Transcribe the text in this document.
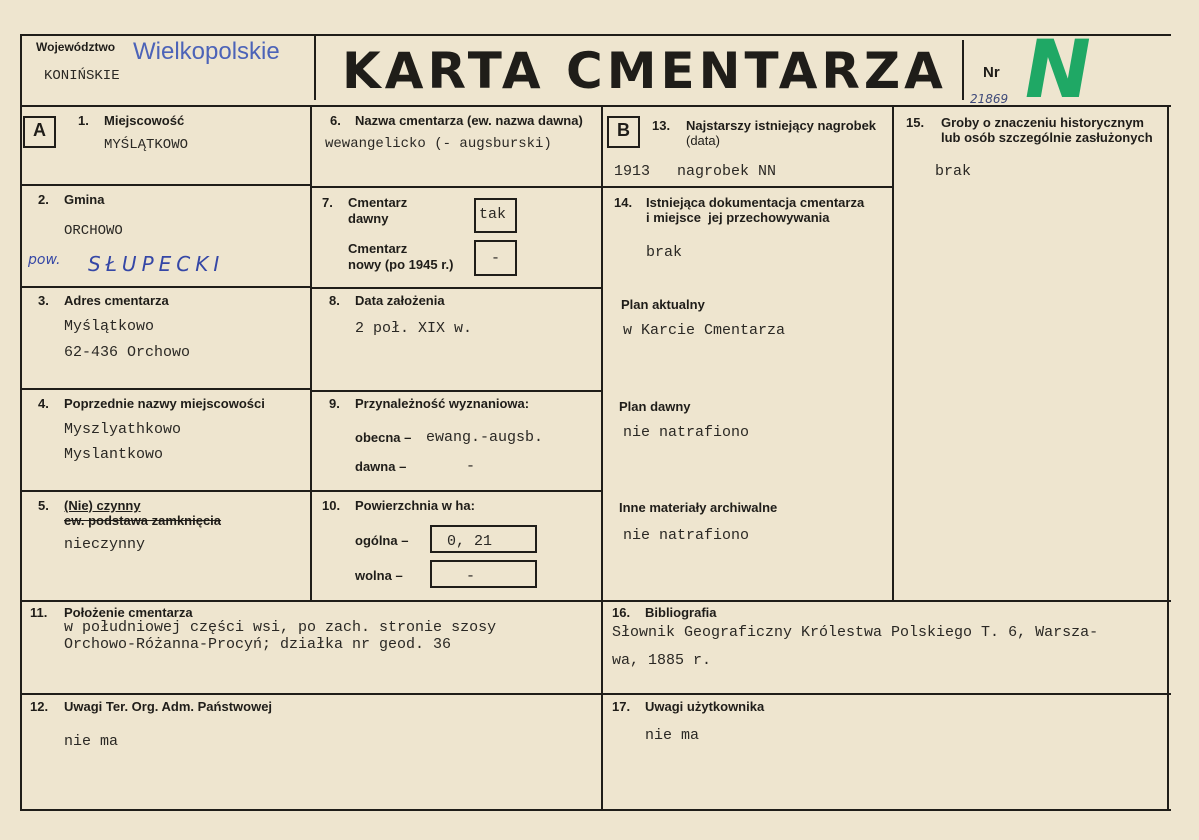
Województwo Wielkopolskie
KONIŃSKIE	KARTA CMENTARZA Nr N
21869
A 1. Miejscowość
MYŚLĄTKOWO
2. Gmina
ORCHOWO
pow. SŁUPECKI
3. Adres cmentarza
Myślątkowo
62-436 Orchowo
4. Poprzednie nazwy miejscowości
Myszlyathkowo
Myslantkowo
5. (Nie) czynny
ew. podstawa zamknięcia
nieczynny
6. Nazwa cmentarza (ew. nazwa dawna)
wewangelicko (- augsburski)
7. Cmentarz
dawny	tak
Cmentarz
nowy (po 1945 r.)	-
8. Data założenia
2 poł. XIX w.
9. Przynależność wyznaniowa:
obecna – ewang.-augsb.
dawna –	-
10. Powierzchnia w ha:
ogólna –	0, 21
wolna –	-
B 13. Najstarszy istniejący nagrobek
(data)
1913   nagrobek NN
14. Istniejąca dokumentacja cmentarza
i miejsce  jej przechowywania
brak
Plan aktualny
w Karcie Cmentarza
Plan dawny
nie natrafiono
Inne materiały archiwalne
nie natrafiono
15. Groby o znaczeniu historycznym
lub osób szczególnie zasłużonych
brak
11. Położenie cmentarza
w południowej części wsi, po zach. stronie szosy
Orchowo-Różanna-Procyń; działka nr geod. 36
16. Bibliografia
Słownik Geograficzny Królestwa Polskiego T. 6, Warsza-
wa, 1885 r.
12. Uwagi Ter. Org. Adm. Państwowej
nie ma
17. Uwagi użytkownika
nie ma
